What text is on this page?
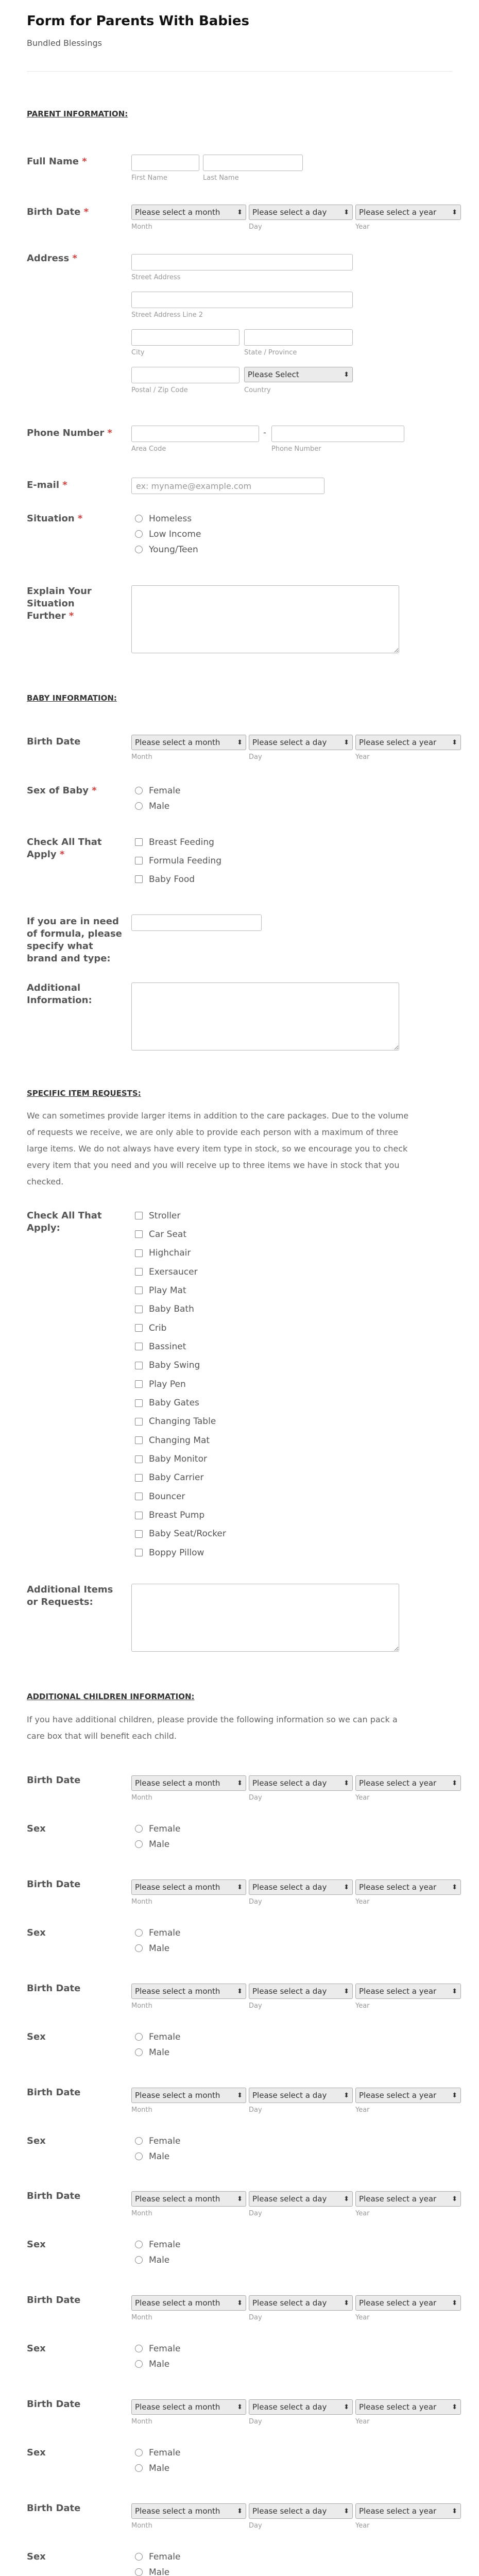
Form for Parents With Babies
Bundled Blessings
PARENT INFORMATION:
Full Name *
First Name	Last Name
Birth Date *	Please select a month	⬍ Please select a day	⬍ Please select a year ⬍
Month	Day	Year
Address *
Street Address
Street Address Line 2
City	State / Province
Please Select	⬍
Postal / Zip Code	Country
Phone Number *	-
Area Code	Phone Number
E-mail *
ex: myname@example.com
Situation *	Homeless
Low Income
Young/Teen
Explain Your
Situation
Further *
BABY INFORMATION:
Birth Date	Please select a month	⬍ Please select a day	⬍ Please select a year ⬍
Month	Day	Year
Sex of Baby *	Female
Male
Check All That
Apply *
Breast Feeding
Formula Feeding
Baby Food
If you are in need
of formula, please
specify what
brand and type:
Additional
Information:
SPECIFIC ITEM REQUESTS:

We can sometimes provide larger items in addition to the care packages. Due to the volume
of requests we receive, we are only able to provide each person with a maximum of three
large items. We do not always have every item type in stock, so we encourage you to check
every item that you need and you will receive up to three items we have in stock that you
checked.

Check All That
Apply:
Stroller
Car Seat
Highchair
Exersaucer
Play Mat
Baby Bath
Crib
Bassinet
Baby Swing
Play Pen
Baby Gates
Changing Table
Changing Mat
Baby Monitor
Baby Carrier
Bouncer
Breast Pump
Baby Seat/Rocker
Boppy Pillow
Additional Items
or Requests:
ADDITIONAL CHILDREN INFORMATION:

If you have additional children, please provide the following information so we can pack a
care box that will benefit each child.

Birth Date	Please select a month	⬍ Please select a day	⬍ Please select a year ⬍
Month	Day	Year
Sex	Female
Male
Birth Date	Please select a month	⬍ Please select a day	⬍ Please select a year ⬍
Month	Day	Year
Sex	Female
Male
Birth Date	Please select a month	⬍ Please select a day	⬍ Please select a year ⬍
Month	Day	Year
Sex	Female
Male
Birth Date	Please select a month	⬍ Please select a day	⬍ Please select a year ⬍
Month	Day	Year
Sex	Female
Male
Birth Date	Please select a month	⬍ Please select a day	⬍ Please select a year ⬍
Month	Day	Year
Sex	Female
Male
Birth Date	Please select a month	⬍ Please select a day	⬍ Please select a year ⬍
Month	Day	Year
Sex	Female
Male
Birth Date	Please select a month	⬍ Please select a day	⬍ Please select a year ⬍
Month	Day	Year
Sex	Female
Male
Birth Date	Please select a month	⬍ Please select a day	⬍ Please select a year ⬍
Month	Day	Year
Sex	Female
Male
